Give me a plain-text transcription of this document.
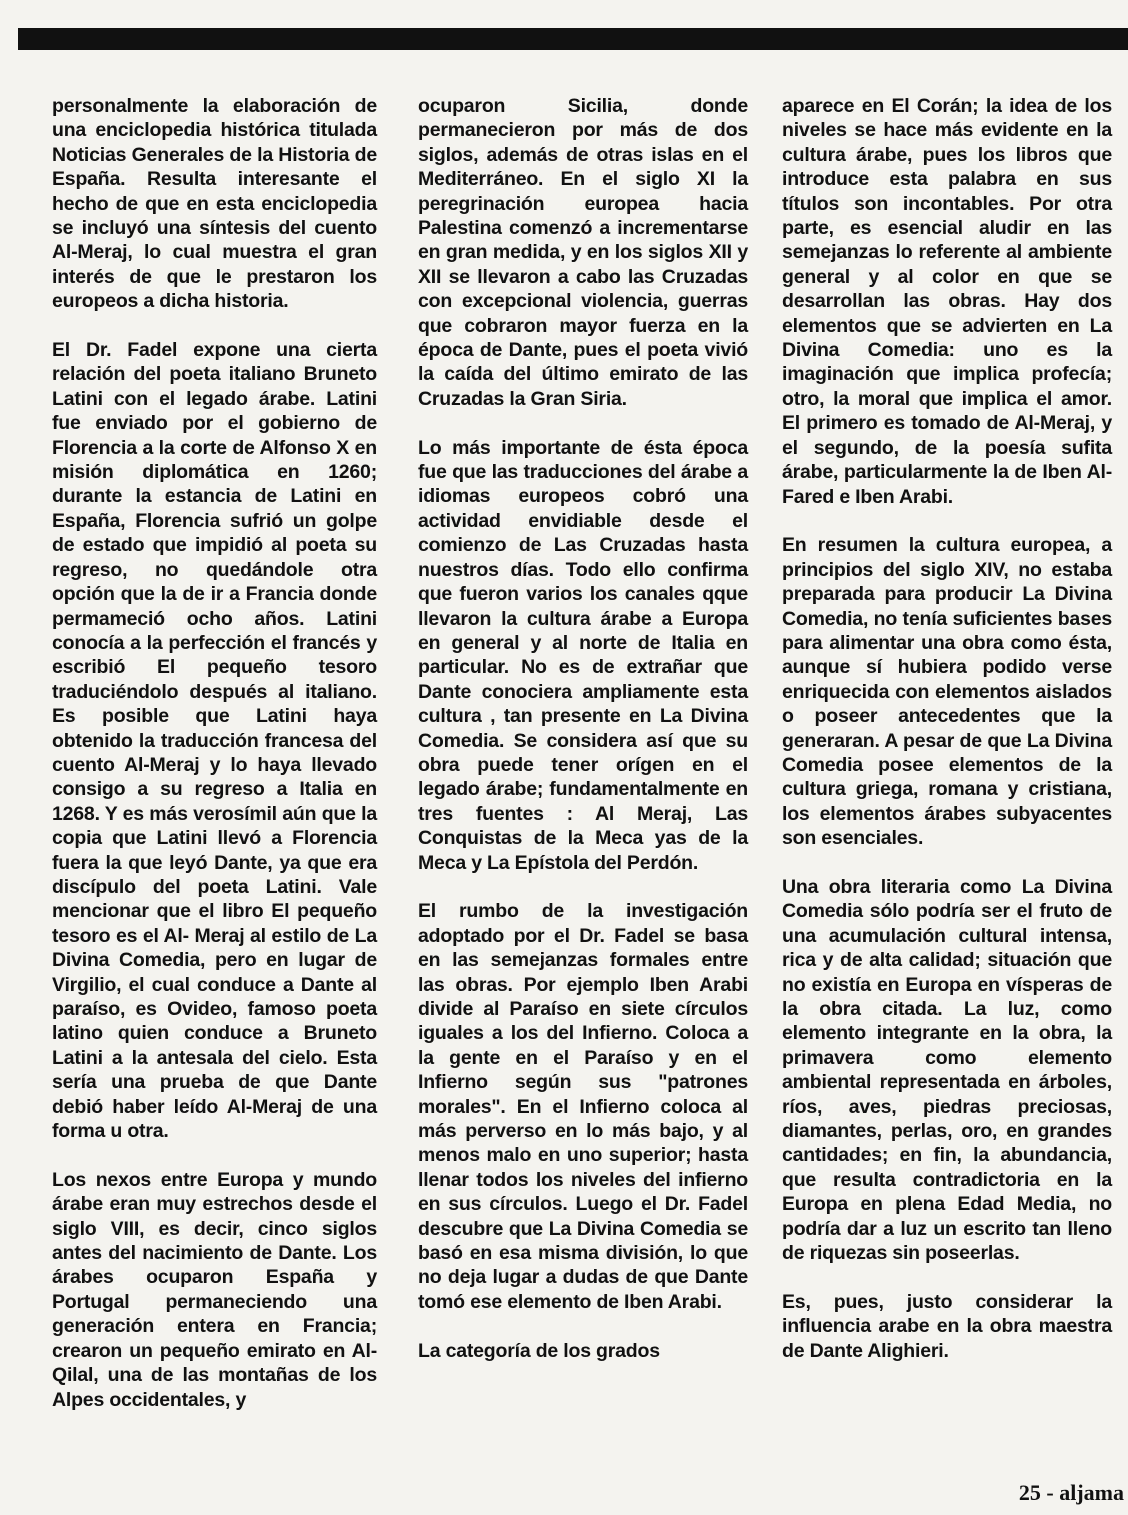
personalmente la elaboración de una enciclopedia histórica titulada Noticias Generales de la Historia de España. Resulta interesante el hecho de que en esta enciclopedia se incluyó una síntesis del cuento Al-Meraj, lo cual muestra el gran interés de que le prestaron los europeos a dicha historia.

El Dr. Fadel expone una cierta relación del poeta italiano Bruneto Latini con el legado árabe. Latini fue enviado por el gobierno de Florencia a la corte de Alfonso X en misión diplomática en 1260; durante la estancia de Latini en España, Florencia sufrió un golpe de estado que impidió al poeta su regreso, no quedándole otra opción que la de ir a Francia donde permameció ocho años. Latini conocía a la perfección el francés y escribió El pequeño tesoro traduciéndolo después al italiano. Es posible que Latini haya obtenido la traducción francesa del cuento Al-Meraj y lo haya llevado consigo a su regreso a Italia en 1268. Y es más verosímil aún que la copia que Latini llevó a Florencia fuera la que leyó Dante, ya que era discípulo del poeta Latini. Vale mencionar que el libro El pequeño tesoro es el Al- Meraj al estilo de La Divina Comedia, pero en lugar de Virgilio, el cual conduce a Dante al paraíso, es Ovideo, famoso poeta latino quien conduce a Bruneto Latini a la antesala del cielo. Esta sería una prueba de que Dante debió haber leído Al-Meraj de una forma u otra.

Los nexos entre Europa y mundo árabe eran muy estrechos desde el siglo VIII, es decir, cinco siglos antes del nacimiento de Dante. Los árabes ocuparon España y Portugal permaneciendo una generación entera en Francia; crearon un pequeño emirato en Al- Qilal, una de las montañas de los Alpes occidentales, y

ocuparon Sicilia, donde permanecieron por más de dos siglos, además de otras islas en el Mediterráneo. En el siglo XI la peregrinación europea hacia Palestina comenzó a incrementarse en gran medida, y en los siglos XII y XII se llevaron a cabo las Cruzadas con excepcional violencia, guerras que cobraron mayor fuerza en la época de Dante, pues el poeta vivió la caída del último emirato de las Cruzadas la Gran Siria.

Lo más importante de ésta época fue que las traducciones del árabe a idiomas europeos cobró una actividad envidiable desde el comienzo de Las Cruzadas hasta nuestros días. Todo ello confirma que fueron varios los canales qque llevaron la cultura árabe a Europa en general y al norte de Italia en particular. No es de extrañar que Dante conociera ampliamente esta cultura , tan presente en La Divina Comedia. Se considera así que su obra puede tener orígen en el legado árabe; fundamentalmente en tres fuentes : Al Meraj, Las Conquistas de la Meca yas de la Meca y La Epístola del Perdón.

El rumbo de la investigación adoptado por el Dr. Fadel se basa en las semejanzas formales entre las obras. Por ejemplo Iben Arabi divide al Paraíso en siete círculos iguales a los del Infierno. Coloca a la gente en el Paraíso y en el Infierno según sus "patrones morales". En el Infierno coloca al más perverso en lo más bajo, y al menos malo en uno superior; hasta llenar todos los niveles del infierno en sus círculos. Luego el Dr. Fadel descubre que La Divina Comedia se basó en esa misma división, lo que no deja lugar a dudas de que Dante tomó ese elemento de Iben Arabi.

La categoría de los grados

aparece en El Corán; la idea de los niveles se hace más evidente en la cultura árabe, pues los libros que introduce esta palabra en sus títulos son incontables. Por otra parte, es esencial aludir en las semejanzas lo referente al ambiente general y al color en que se desarrollan las obras. Hay dos elementos que se advierten en La Divina Comedia: uno es la imaginación que implica profecía; otro, la moral que implica el amor. El primero es tomado de Al-Meraj, y el segundo, de la poesía sufita árabe, particularmente la de Iben Al-Fared e Iben Arabi.

En resumen la cultura europea, a principios del siglo XIV, no estaba preparada para producir La Divina Comedia, no tenía suficientes bases para alimentar una obra como ésta, aunque sí hubiera podido verse enriquecida con elementos aislados o poseer antecedentes que la generaran. A pesar de que La Divina Comedia posee elementos de la cultura griega, romana y cristiana, los elementos árabes subyacentes son esenciales.

Una obra literaria como La Divina Comedia sólo podría ser el fruto de una acumulación cultural intensa, rica y de alta calidad; situación que no existía en Europa en vísperas de la obra citada. La luz, como elemento integrante en la obra, la primavera como elemento ambiental representada en árboles, ríos, aves, piedras preciosas, diamantes, perlas, oro, en grandes cantidades; en fin, la abundancia, que resulta contradictoria en la Europa en plena Edad Media, no podría dar a luz un escrito tan lleno de riquezas sin poseerlas.

Es, pues, justo considerar la influencia arabe en la obra maestra de Dante Alighieri.

25 - aljama
